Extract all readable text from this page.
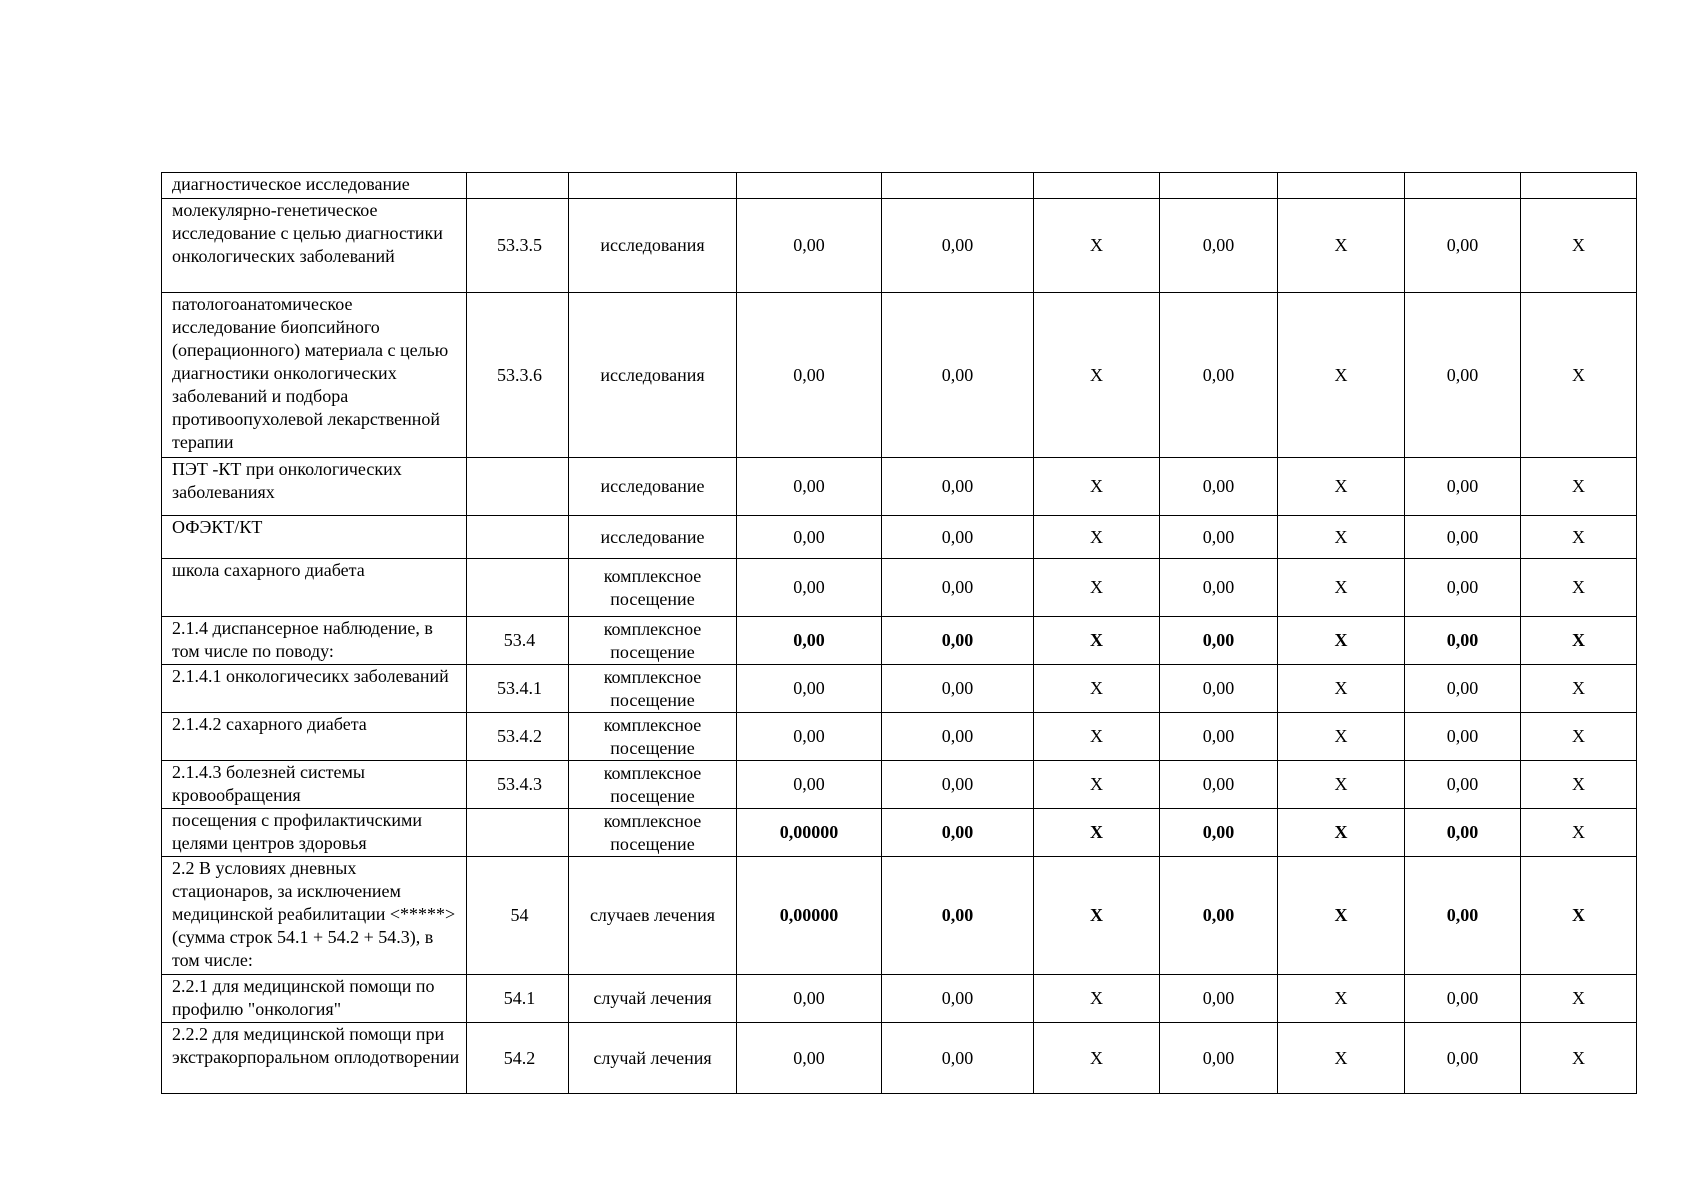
диагностическое исследование									
молекулярно-генетическое исследование с целью диагностики онкологических заболеваний	53.3.5	исследования	0,00	0,00	X	0,00	X	0,00	X
патологоанатомическое исследование биопсийного (операционного) материала с целью диагностики онкологических заболеваний и подбора противоопухолевой лекарственной терапии	53.3.6	исследования	0,00	0,00	X	0,00	X	0,00	X
ПЭТ -КТ при онкологических заболеваниях		исследование	0,00	0,00	X	0,00	X	0,00	X
ОФЭКТ/КТ		исследование	0,00	0,00	X	0,00	X	0,00	X
школа сахарного диабета		комплексное посещение	0,00	0,00	X	0,00	X	0,00	X
2.1.4 диспансерное наблюдение, в том числе по поводу:	53.4	комплексное посещение	0,00	0,00	X	0,00	X	0,00	X
2.1.4.1 онкологичесикх заболеваний	53.4.1	комплексное посещение	0,00	0,00	X	0,00	X	0,00	X
2.1.4.2 сахарного диабета	53.4.2	комплексное посещение	0,00	0,00	X	0,00	X	0,00	X
2.1.4.3 болезней системы кровообращения	53.4.3	комплексное посещение	0,00	0,00	X	0,00	X	0,00	X
посещения с профилактичскими целями центров здоровья		комплексное посещение	0,00000	0,00	X	0,00	X	0,00	X
2.2 В условиях дневных стационаров, за исключением медицинской реабилитации <*****> (сумма строк 54.1 + 54.2 + 54.3), в том числе:	54	случаев лечения	0,00000	0,00	X	0,00	X	0,00	X
2.2.1 для медицинской помощи по профилю "онкология"	54.1	случай лечения	0,00	0,00	X	0,00	X	0,00	X
2.2.2 для медицинской помощи при экстракорпоральном оплодотворении	54.2	случай лечения	0,00	0,00	X	0,00	X	0,00	X
